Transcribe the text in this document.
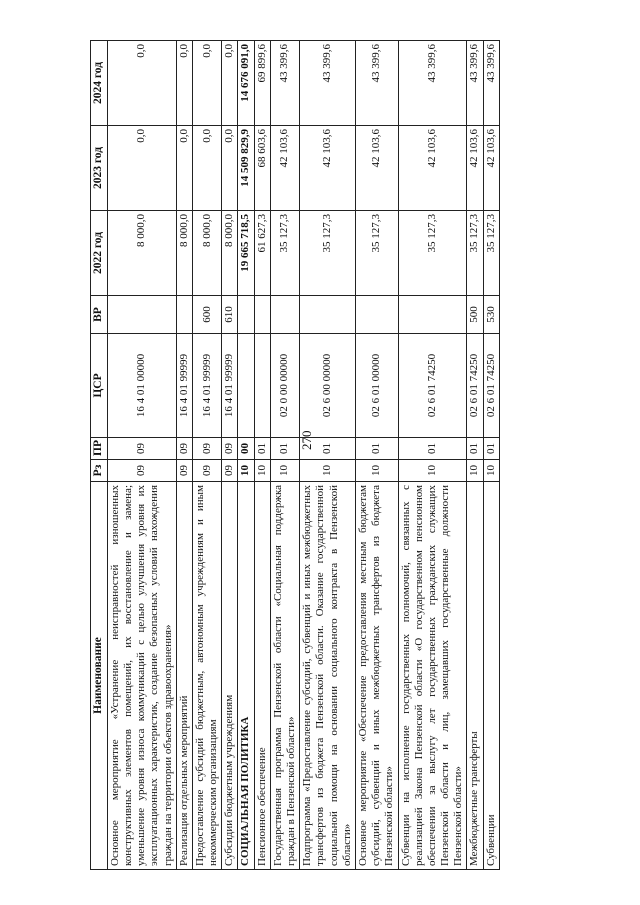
270
Наименование	Рз	ПР	ЦСР	ВР	2022 год	2023 год	2024 год
Основное мероприятие «Устранение неисправностей изношенных конструктивных элементов помещений, их восстановление и замена; уменьшение уровня износа коммуникаций с целью улучшения уровня их эксплуатационных характеристик, создание безопасных условий нахождения граждан на территории объектов здравоохранения»	09	09	16 4 01 00000		8 000,0	0,0	0,0
Реализация отдельных мероприятий	09	09	16 4 01 99999		8 000,0	0,0	0,0
Предоставление субсидий бюджетным, автономным учреждениям и иным некоммерческим организациям	09	09	16 4 01 99999	600	8 000,0	0,0	0,0
Субсидии бюджетным учреждениям	09	09	16 4 01 99999	610	8 000,0	0,0	0,0
СОЦИАЛЬНАЯ ПОЛИТИКА	10	00			19 665 718,5	14 509 829,9	14 676 091,0
Пенсионное обеспечение	10	01			61 627,3	68 603,6	69 899,6
Государственная программа Пензенской области «Социальная поддержка граждан в Пензенской области»	10	01	02 0 00 00000		35 127,3	42 103,6	43 399,6
Подпрограмма «Предоставление субсидий, субвенций и иных межбюджетных трансфертов из бюджета Пензенской области. Оказание государственной социальной помощи на основании социального контракта в Пензенской области»	10	01	02 6 00 00000		35 127,3	42 103,6	43 399,6
Основное мероприятие «Обеспечение предоставления местным бюджетам субсидий, субвенций и иных межбюджетных трансфертов из бюджета Пензенской области»	10	01	02 6 01 00000		35 127,3	42 103,6	43 399,6
Субвенции на исполнение государственных полномочий, связанных с реализацией Закона Пензенской области «О государственном пенсионном обеспечении за выслугу лет государственных гражданских служащих Пензенской области и лиц, замещавших государственные должности Пензенской области»	10	01	02 6 01 74250		35 127,3	42 103,6	43 399,6
Межбюджетные трансферты	10	01	02 6 01 74250	500	35 127,3	42 103,6	43 399,6
Субвенции	10	01	02 6 01 74250	530	35 127,3	42 103,6	43 399,6
